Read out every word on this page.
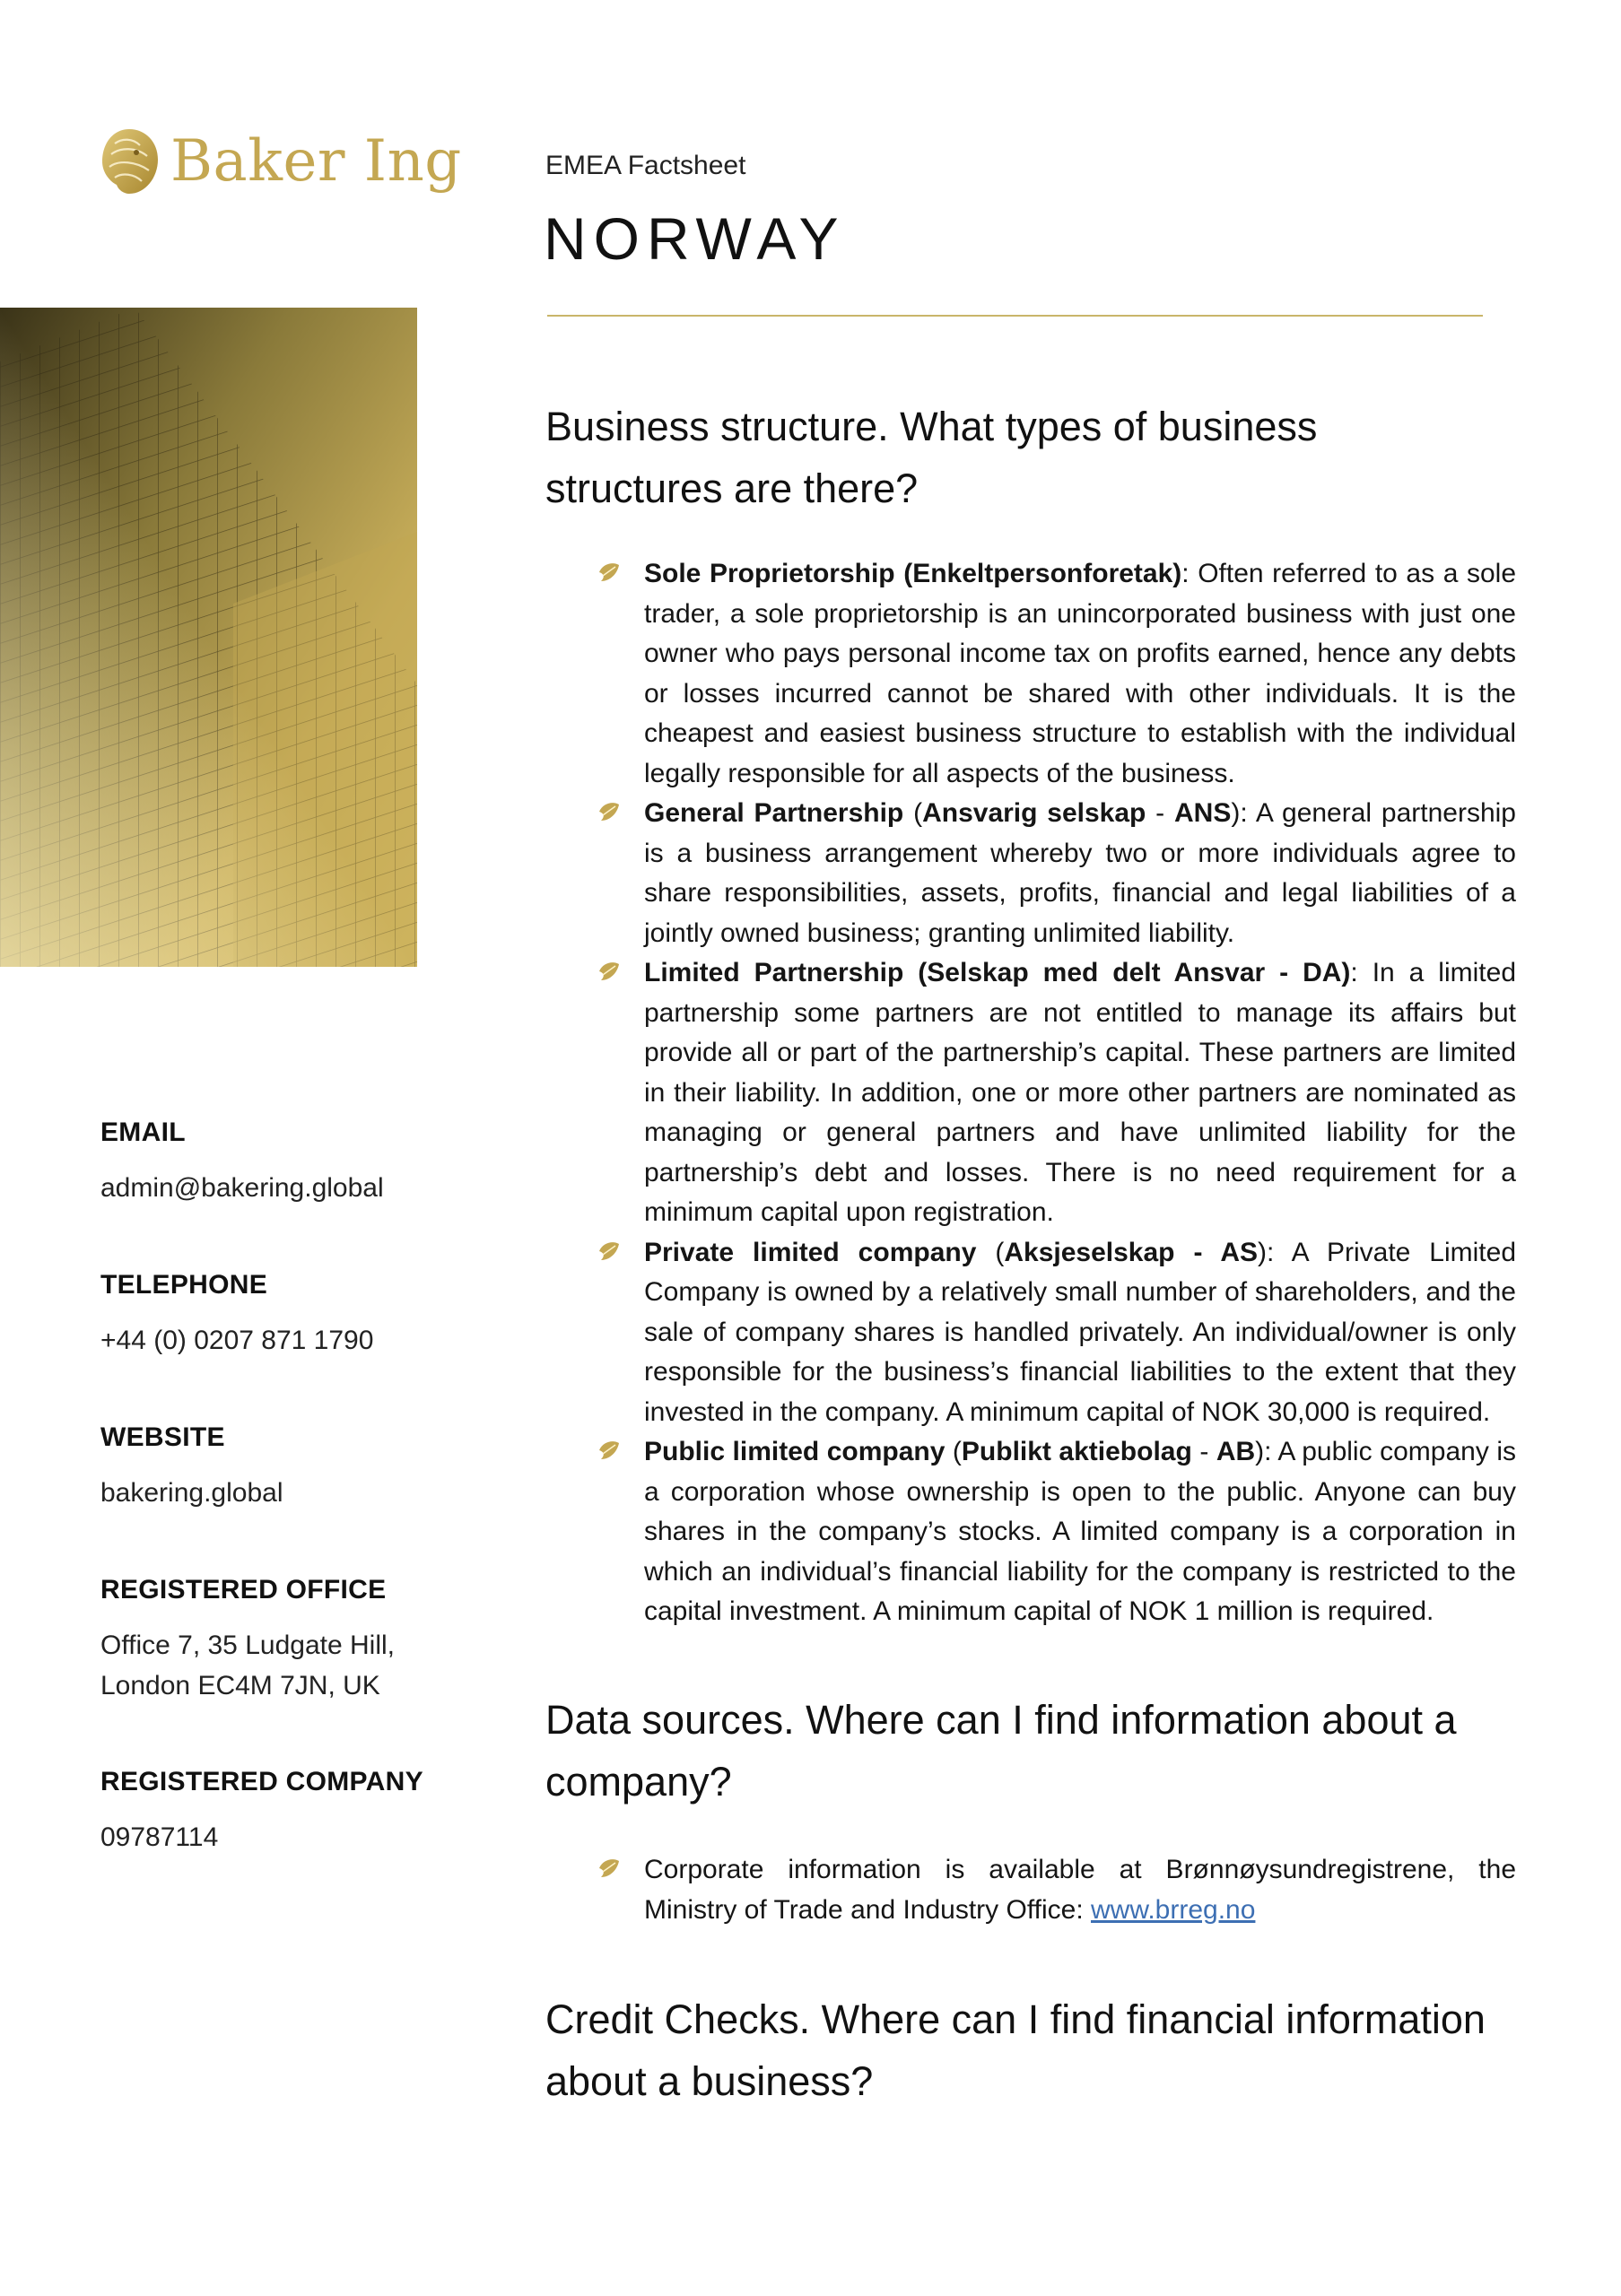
Baker Ing	EMEA Factsheet
NORWAY
EMAIL
admin@bakering.global
TELEPHONE
+44 (0) 0207 871 1790
WEBSITE
bakering.global
REGISTERED OFFICE
Office 7, 35 Ludgate Hill,
London EC4M 7JN, UK
REGISTERED COMPANY
09787114
Business structure. What types of business
structures are there?
Sole Proprietorship (Enkeltpersonforetak): Often referred to as a sole trader, a sole proprietorship is an unincorporated business with just one owner who pays personal income tax on profits earned, hence any debts or losses incurred cannot be shared with other individuals. It is the cheapest and easiest business structure to establish with the individual legally responsible for all aspects of the business.
General Partnership (Ansvarig selskap - ANS): A general partnership is a business arrangement whereby two or more individuals agree to share responsibilities, assets, profits, financial and legal liabilities of a jointly owned business; granting unlimited liability.
Limited Partnership (Selskap med delt Ansvar - DA): In a limited partnership some partners are not entitled to manage its affairs but provide all or part of the partnership’s capital. These partners are limited in their liability. In addition, one or more other partners are nominated as managing or general partners and have unlimited liability for the partnership’s debt and losses. There is no need requirement for a minimum capital upon registration.
Private limited company (Aksjeselskap - AS): A Private Limited Company is owned by a relatively small number of shareholders, and the sale of company shares is handled privately. An individual/owner is only responsible for the business’s financial liabilities to the extent that they invested in the company. A minimum capital of NOK 30,000 is required.
Public limited company (Publikt aktiebolag - AB): A public company is a corporation whose ownership is open to the public. Anyone can buy shares in the company’s stocks. A limited company is a corporation in which an individual’s financial liability for the company is restricted to the capital investment. A minimum capital of NOK 1 million is required.
Data sources. Where can I find information about a
company?
Corporate information is available at Brønnøysundregistrene, the Ministry of Trade and Industry Office: www.brreg.no
Credit Checks. Where can I find financial information
about a business?
